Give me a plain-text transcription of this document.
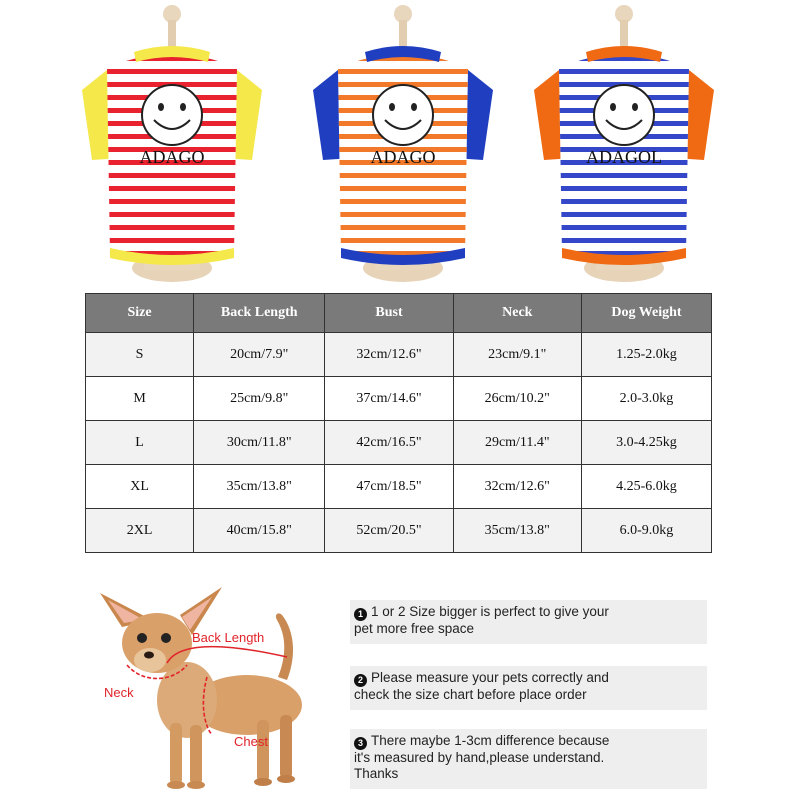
ADAGO	ADAGO	ADAGOL
Size	Back Length	Bust	Neck	Dog Weight
S	20cm/7.9"	32cm/12.6"	23cm/9.1"	1.25-2.0kg
M	25cm/9.8"	37cm/14.6"	26cm/10.2"	2.0-3.0kg
L	30cm/11.8"	42cm/16.5"	29cm/11.4"	3.0-4.25kg
XL	35cm/13.8"	47cm/18.5"	32cm/12.6"	4.25-6.0kg
2XL	40cm/15.8"	52cm/20.5"	35cm/13.8"	6.0-9.0kg
Back Length
Neck
Chest
1 1 or 2 Size bigger is perfect to give your
pet more free space
2 Please measure your pets correctly and
check the size chart before place order
3 There maybe 1-3cm difference because
it's measured by hand,please understand.
Thanks
